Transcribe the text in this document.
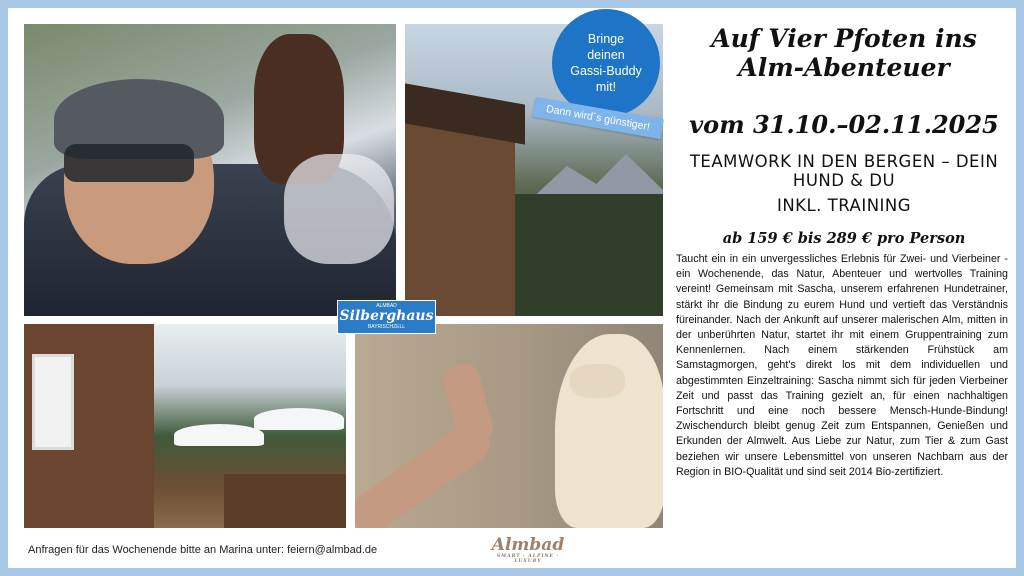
Bringe
deinen
Gassi-Buddy
mit!
Dann wird´s günstiger!
Auf Vier Pfoten ins
Alm-Abenteuer
vom 31.10.–02.11.2025
TEAMWORK IN DEN BERGEN – DEIN HUND & DU
INKL. TRAINING
ab 159 € bis 289 € pro Person
Taucht ein in ein unvergessliches Erlebnis für Zwei- und Vierbeiner - ein Wochenende, das Natur, Abenteuer und wertvolles Training vereint! Gemeinsam mit Sascha, unserem erfahrenen Hundetrainer, stärkt ihr die Bindung zu eurem Hund und vertieft das Verständnis füreinander. Nach der Ankunft auf unserer malerischen Alm, mitten in der unberührten Natur, startet ihr mit einem Gruppentraining zum Kennenlernen. Nach einem stärkenden Frühstück am Samstagmorgen, geht's direkt los mit dem individuellen und abgestimmten Einzeltraining: Sascha nimmt sich für jeden Vierbeiner Zeit und passt das Training gezielt an, für einen nachhaltigen Fortschritt und eine noch bessere Mensch-Hunde-Bindung! Zwischendurch bleibt genug Zeit zum Entspannen, Genießen und Erkunden der Almwelt. Aus Liebe zur Natur, zum Tier & zum Gast beziehen wir unsere Lebensmittel von unseren Nachbarn aus der Region in BIO-Qualität und sind seit 2014 Bio-zertifiziert.
ALMBAD
Silberghaus
BAYRISCHZELL
Anfragen für das Wochenende bitte an Marina unter: feiern@almbad.de	Almbad
SMART · ALPINE · LUXURY
